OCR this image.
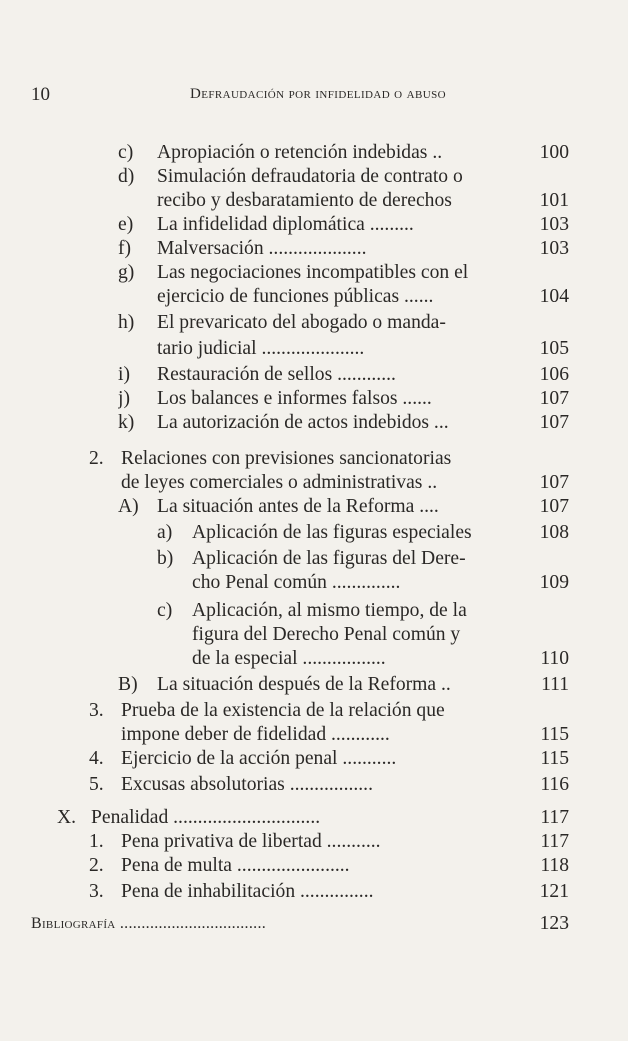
10	Defraudación por infidelidad o abuso
c) Apropiación o retención indebidas ..	100
d) Simulación defraudatoria de contrato o
recibo y desbaratamiento de derechos	101
e) La infidelidad diplomática .........	103
f) Malversación ....................	103
g) Las negociaciones incompatibles con el
ejercicio de funciones públicas ......	104
h) El prevaricato del abogado o manda-
tario judicial .....................	105
i) Restauración de sellos ............	106
j) Los balances e informes falsos ......	107
k) La autorización de actos indebidos ...	107
2. Relaciones con previsiones sancionatorias
de leyes comerciales o administrativas ..	107
A) La situación antes de la Reforma ....	107
a) Aplicación de las figuras especiales	108
b) Aplicación de las figuras del Dere-
cho Penal común ..............	109
c) Aplicación, al mismo tiempo, de la
figura del Derecho Penal común y
de la especial .................	110
B) La situación después de la Reforma ..	111
3. Prueba de la existencia de la relación que
impone deber de fidelidad ............	115
4. Ejercicio de la acción penal ...........	115
5. Excusas absolutorias .................	116
X. Penalidad ..............................	117
1. Pena privativa de libertad ...........	117
2. Pena de multa .......................	118
3. Pena de inhabilitación ...............	121
Bibliografía ..................................	123
